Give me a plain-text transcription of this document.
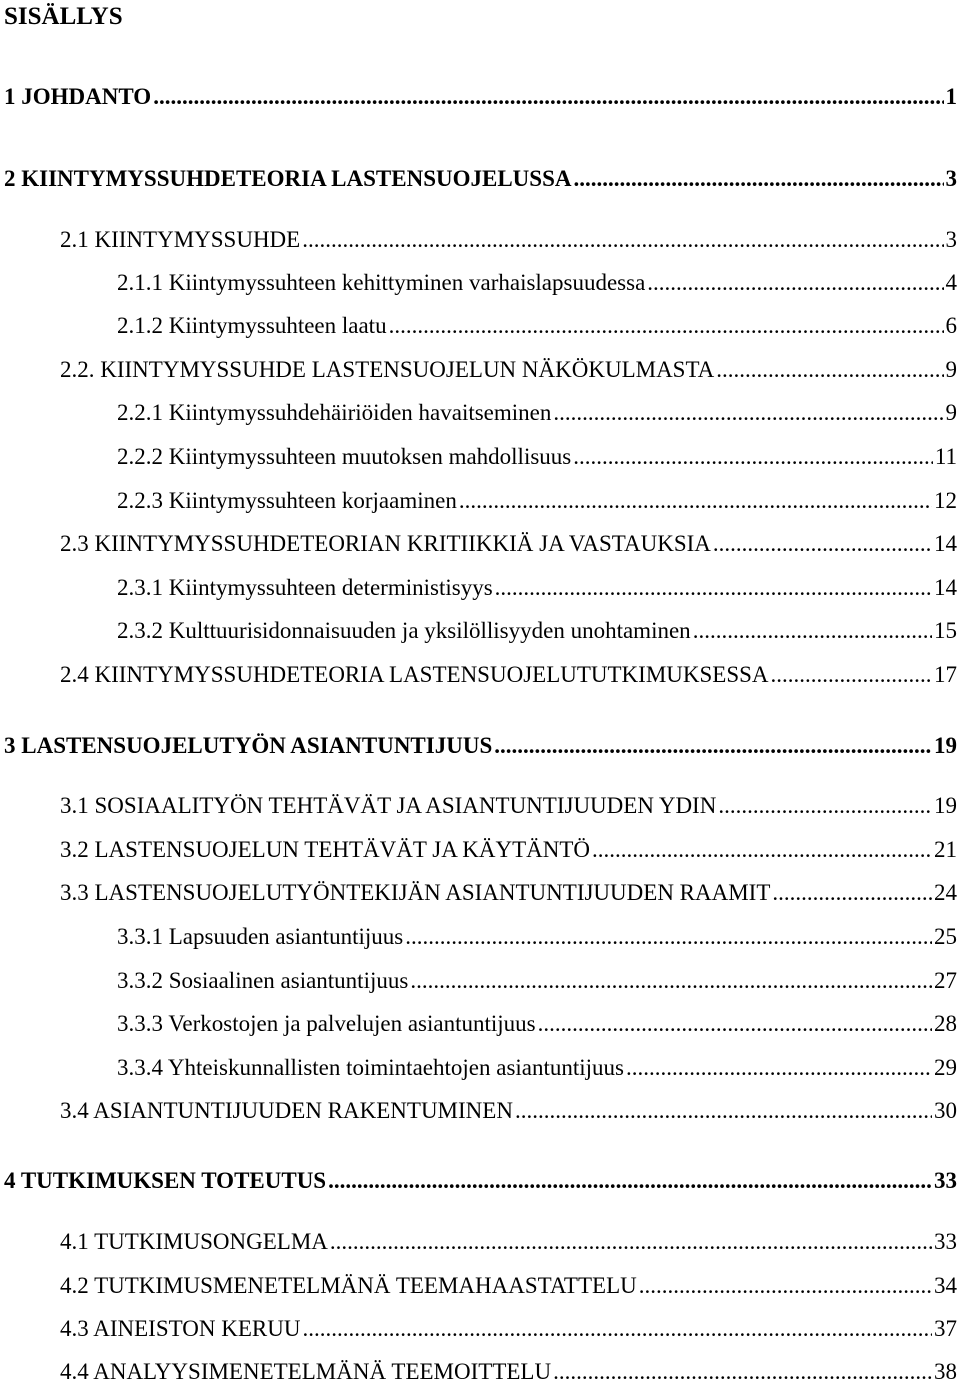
SISÄLLYS
1 JOHDANTO .....	1
2 KIINTYMYSSUHDETEORIA LASTENSUOJELUSSA .....	3
2.1 KIINTYMYSSUHDE .....	3
2.1.1 Kiintymyssuhteen kehittyminen varhaislapsuudessa .....	4
2.1.2 Kiintymyssuhteen laatu .....	6
2.2. KIINTYMYSSUHDE LASTENSUOJELUN NÄKÖKULMASTA .....	9
2.2.1 Kiintymyssuhdehäiriöiden havaitseminen .....	9
2.2.2 Kiintymyssuhteen muutoksen mahdollisuus .....	11
2.2.3 Kiintymyssuhteen korjaaminen .....	12
2.3 KIINTYMYSSUHDETEORIAN KRITIIKKIÄ JA VASTAUKSIA .....	14
2.3.1 Kiintymyssuhteen deterministisyys .....	14
2.3.2 Kulttuurisidonnaisuuden ja yksilöllisyyden unohtaminen .....	15
2.4 KIINTYMYSSUHDETEORIA LASTENSUOJELUTUTKIMUKSESSA .....	17
3 LASTENSUOJELUTYÖN ASIANTUNTIJUUS .....	19
3.1 SOSIAALITYÖN TEHTÄVÄT JA ASIANTUNTIJUUDEN YDIN .....	19
3.2 LASTENSUOJELUN TEHTÄVÄT JA KÄYTÄNTÖ .....	21
3.3 LASTENSUOJELUTYÖNTEKIJÄN ASIANTUNTIJUUDEN RAAMIT .....	24
3.3.1 Lapsuuden asiantuntijuus .....	25
3.3.2 Sosiaalinen asiantuntijuus .....	27
3.3.3 Verkostojen ja palvelujen asiantuntijuus .....	28
3.3.4 Yhteiskunnallisten toimintaehtojen asiantuntijuus .....	29
3.4 ASIANTUNTIJUUDEN RAKENTUMINEN .....	30
4 TUTKIMUKSEN TOTEUTUS .....	33
4.1 TUTKIMUSONGELMA .....	33
4.2 TUTKIMUSMENETELMÄNÄ TEEMAHAASTATTELU .....	34
4.3 AINEISTON KERUU .....	37
4.4 ANALYYSIMENETELMÄNÄ TEEMOITTELU .....	38
